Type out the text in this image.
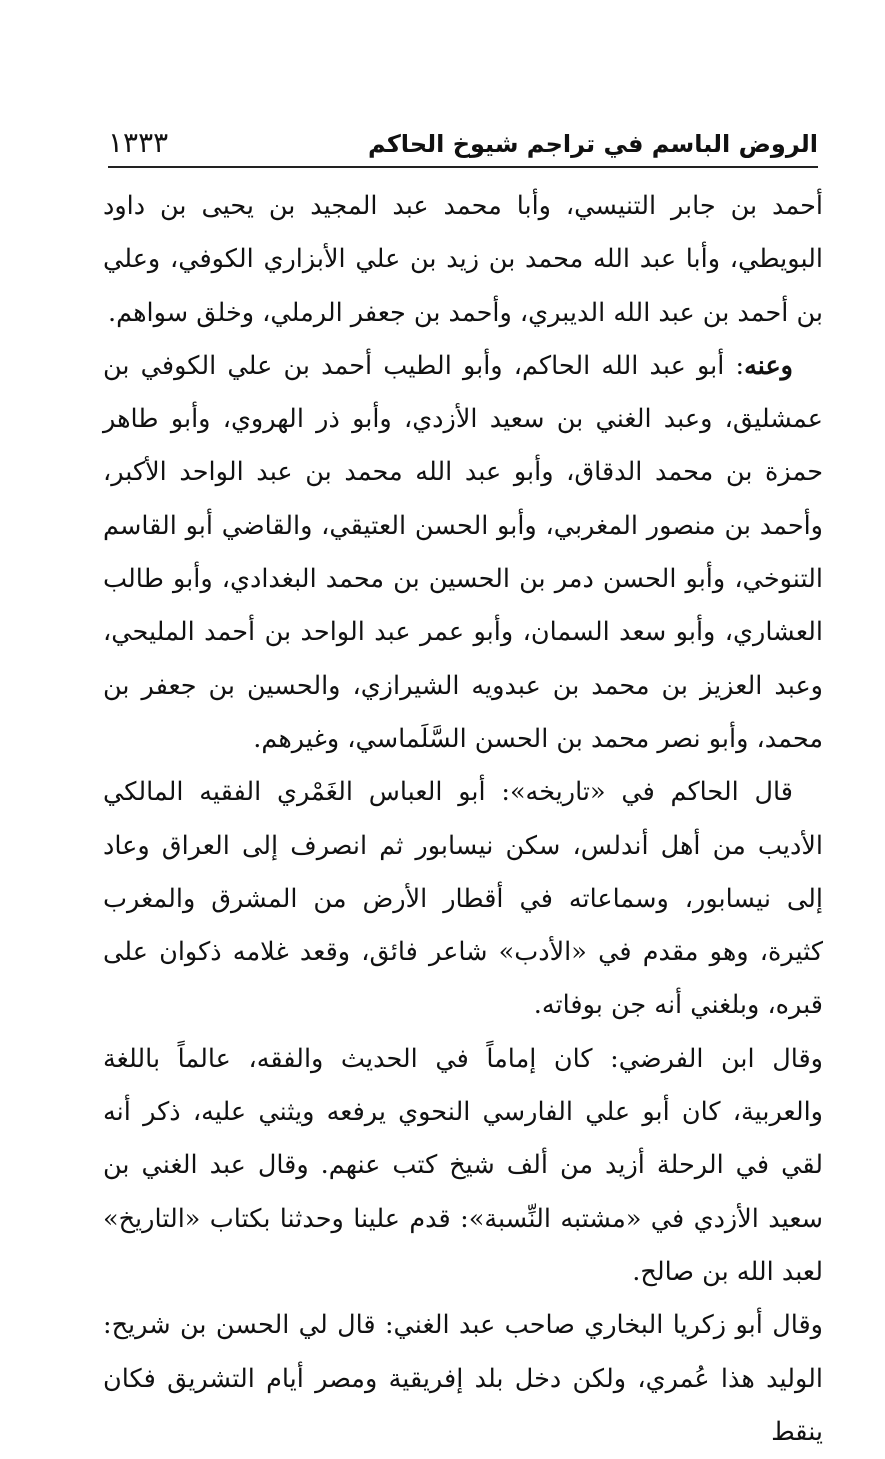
الروض الباسم في تراجم شيوخ الحاكم
١٣٣٣

أحمد بن جابر التنيسي، وأبا محمد عبد المجيد بن يحيى بن داود البويطي، وأبا عبد الله محمد بن زيد بن علي الأبزاري الكوفي، وعلي بن أحمد بن عبد الله الديبري، وأحمد بن جعفر الرملي، وخلق سواهم.

وعنه: أبو عبد الله الحاكم، وأبو الطيب أحمد بن علي الكوفي بن عمشليق، وعبد الغني بن سعيد الأزدي، وأبو ذر الهروي، وأبو طاهر حمزة بن محمد الدقاق، وأبو عبد الله محمد بن عبد الواحد الأكبر، وأحمد بن منصور المغربي، وأبو الحسن العتيقي، والقاضي أبو القاسم التنوخي، وأبو الحسن دمر بن الحسين بن محمد البغدادي، وأبو طالب العشاري، وأبو سعد السمان، وأبو عمر عبد الواحد بن أحمد المليحي، وعبد العزيز بن محمد بن عبدويه الشيرازي، والحسين بن جعفر بن محمد، وأبو نصر محمد بن الحسن السَّلَماسي، وغيرهم.

قال الحاكم في «تاريخه»: أبو العباس الغَمْري الفقيه المالكي الأديب من أهل أندلس، سكن نيسابور ثم انصرف إلى العراق وعاد إلى نيسابور، وسماعاته في أقطار الأرض من المشرق والمغرب كثيرة، وهو مقدم في «الأدب» شاعر فائق، وقعد غلامه ذكوان على قبره، وبلغني أنه جن بوفاته.

وقال ابن الفرضي: كان إماماً في الحديث والفقه، عالماً باللغة والعربية، كان أبو علي الفارسي النحوي يرفعه ويثني عليه، ذكر أنه لقي في الرحلة أزيد من ألف شيخ كتب عنهم. وقال عبد الغني بن سعيد الأزدي في «مشتبه النِّسبة»: قدم علينا وحدثنا بكتاب «التاريخ» لعبد الله بن صالح.

وقال أبو زكريا البخاري صاحب عبد الغني: قال لي الحسن بن شريح: الوليد هذا عُمري، ولكن دخل بلد إفريقية ومصر أيام التشريق فكان ينقط
